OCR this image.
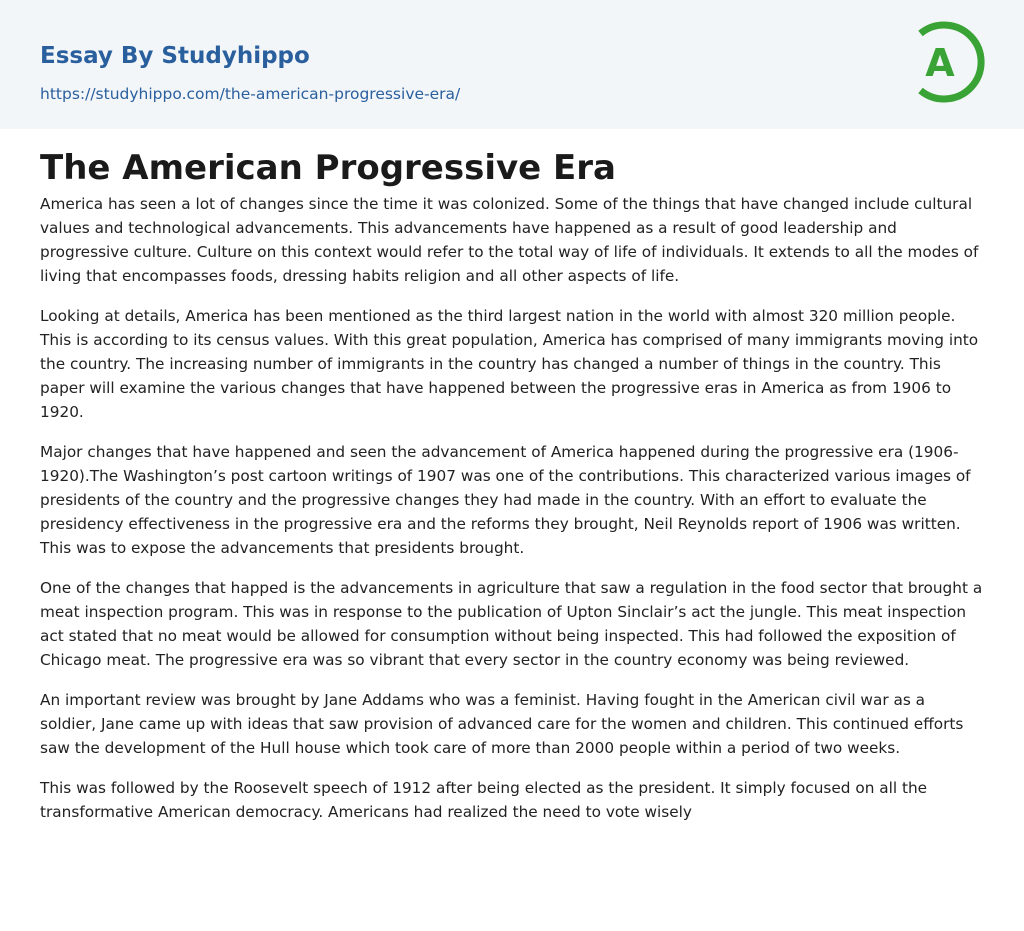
Essay By Studyhippo
https://studyhippo.com/the-american-progressive-era/
A
The American Progressive Era

America has seen a lot of changes since the time it was colonized. Some of the things that have changed include cultural values and technological advancements. This advancements have happened as a result of good leadership and progressive culture. Culture on this context would refer to the total way of life of individuals. It extends to all the modes of living that encompasses foods, dressing habits religion and all other aspects of life.

Looking at details, America has been mentioned as the third largest nation in the world with almost 320 million people. This is according to its census values. With this great population, America has comprised of many immigrants moving into the country. The increasing number of immigrants in the country has changed a number of things in the country. This paper will examine the various changes that have happened between the progressive eras in America as from 1906 to 1920.

Major changes that have happened and seen the advancement of America happened during the progressive era (1906-1920).The Washington’s post cartoon writings of 1907 was one of the contributions. This characterized various images of presidents of the country and the progressive changes they had made in the country. With an effort to evaluate the presidency effectiveness in the progressive era and the reforms they brought, Neil Reynolds report of 1906 was written. This was to expose the advancements that presidents brought.

One of the changes that happed is the advancements in agriculture that saw a regulation in the food sector that brought a meat inspection program. This was in response to the publication of Upton Sinclair’s act the jungle. This meat inspection act stated that no meat would be allowed for consumption without being inspected. This had followed the exposition of Chicago meat. The progressive era was so vibrant that every sector in the country economy was being reviewed.

An important review was brought by Jane Addams who was a feminist. Having fought in the American civil war as a soldier, Jane came up with ideas that saw provision of advanced care for the women and children. This continued efforts saw the development of the Hull house which took care of more than 2000 people within a period of two weeks.

This was followed by the Roosevelt speech of 1912 after being elected as the president. It simply focused on all the transformative American democracy. Americans had realized the need to vote wisely
